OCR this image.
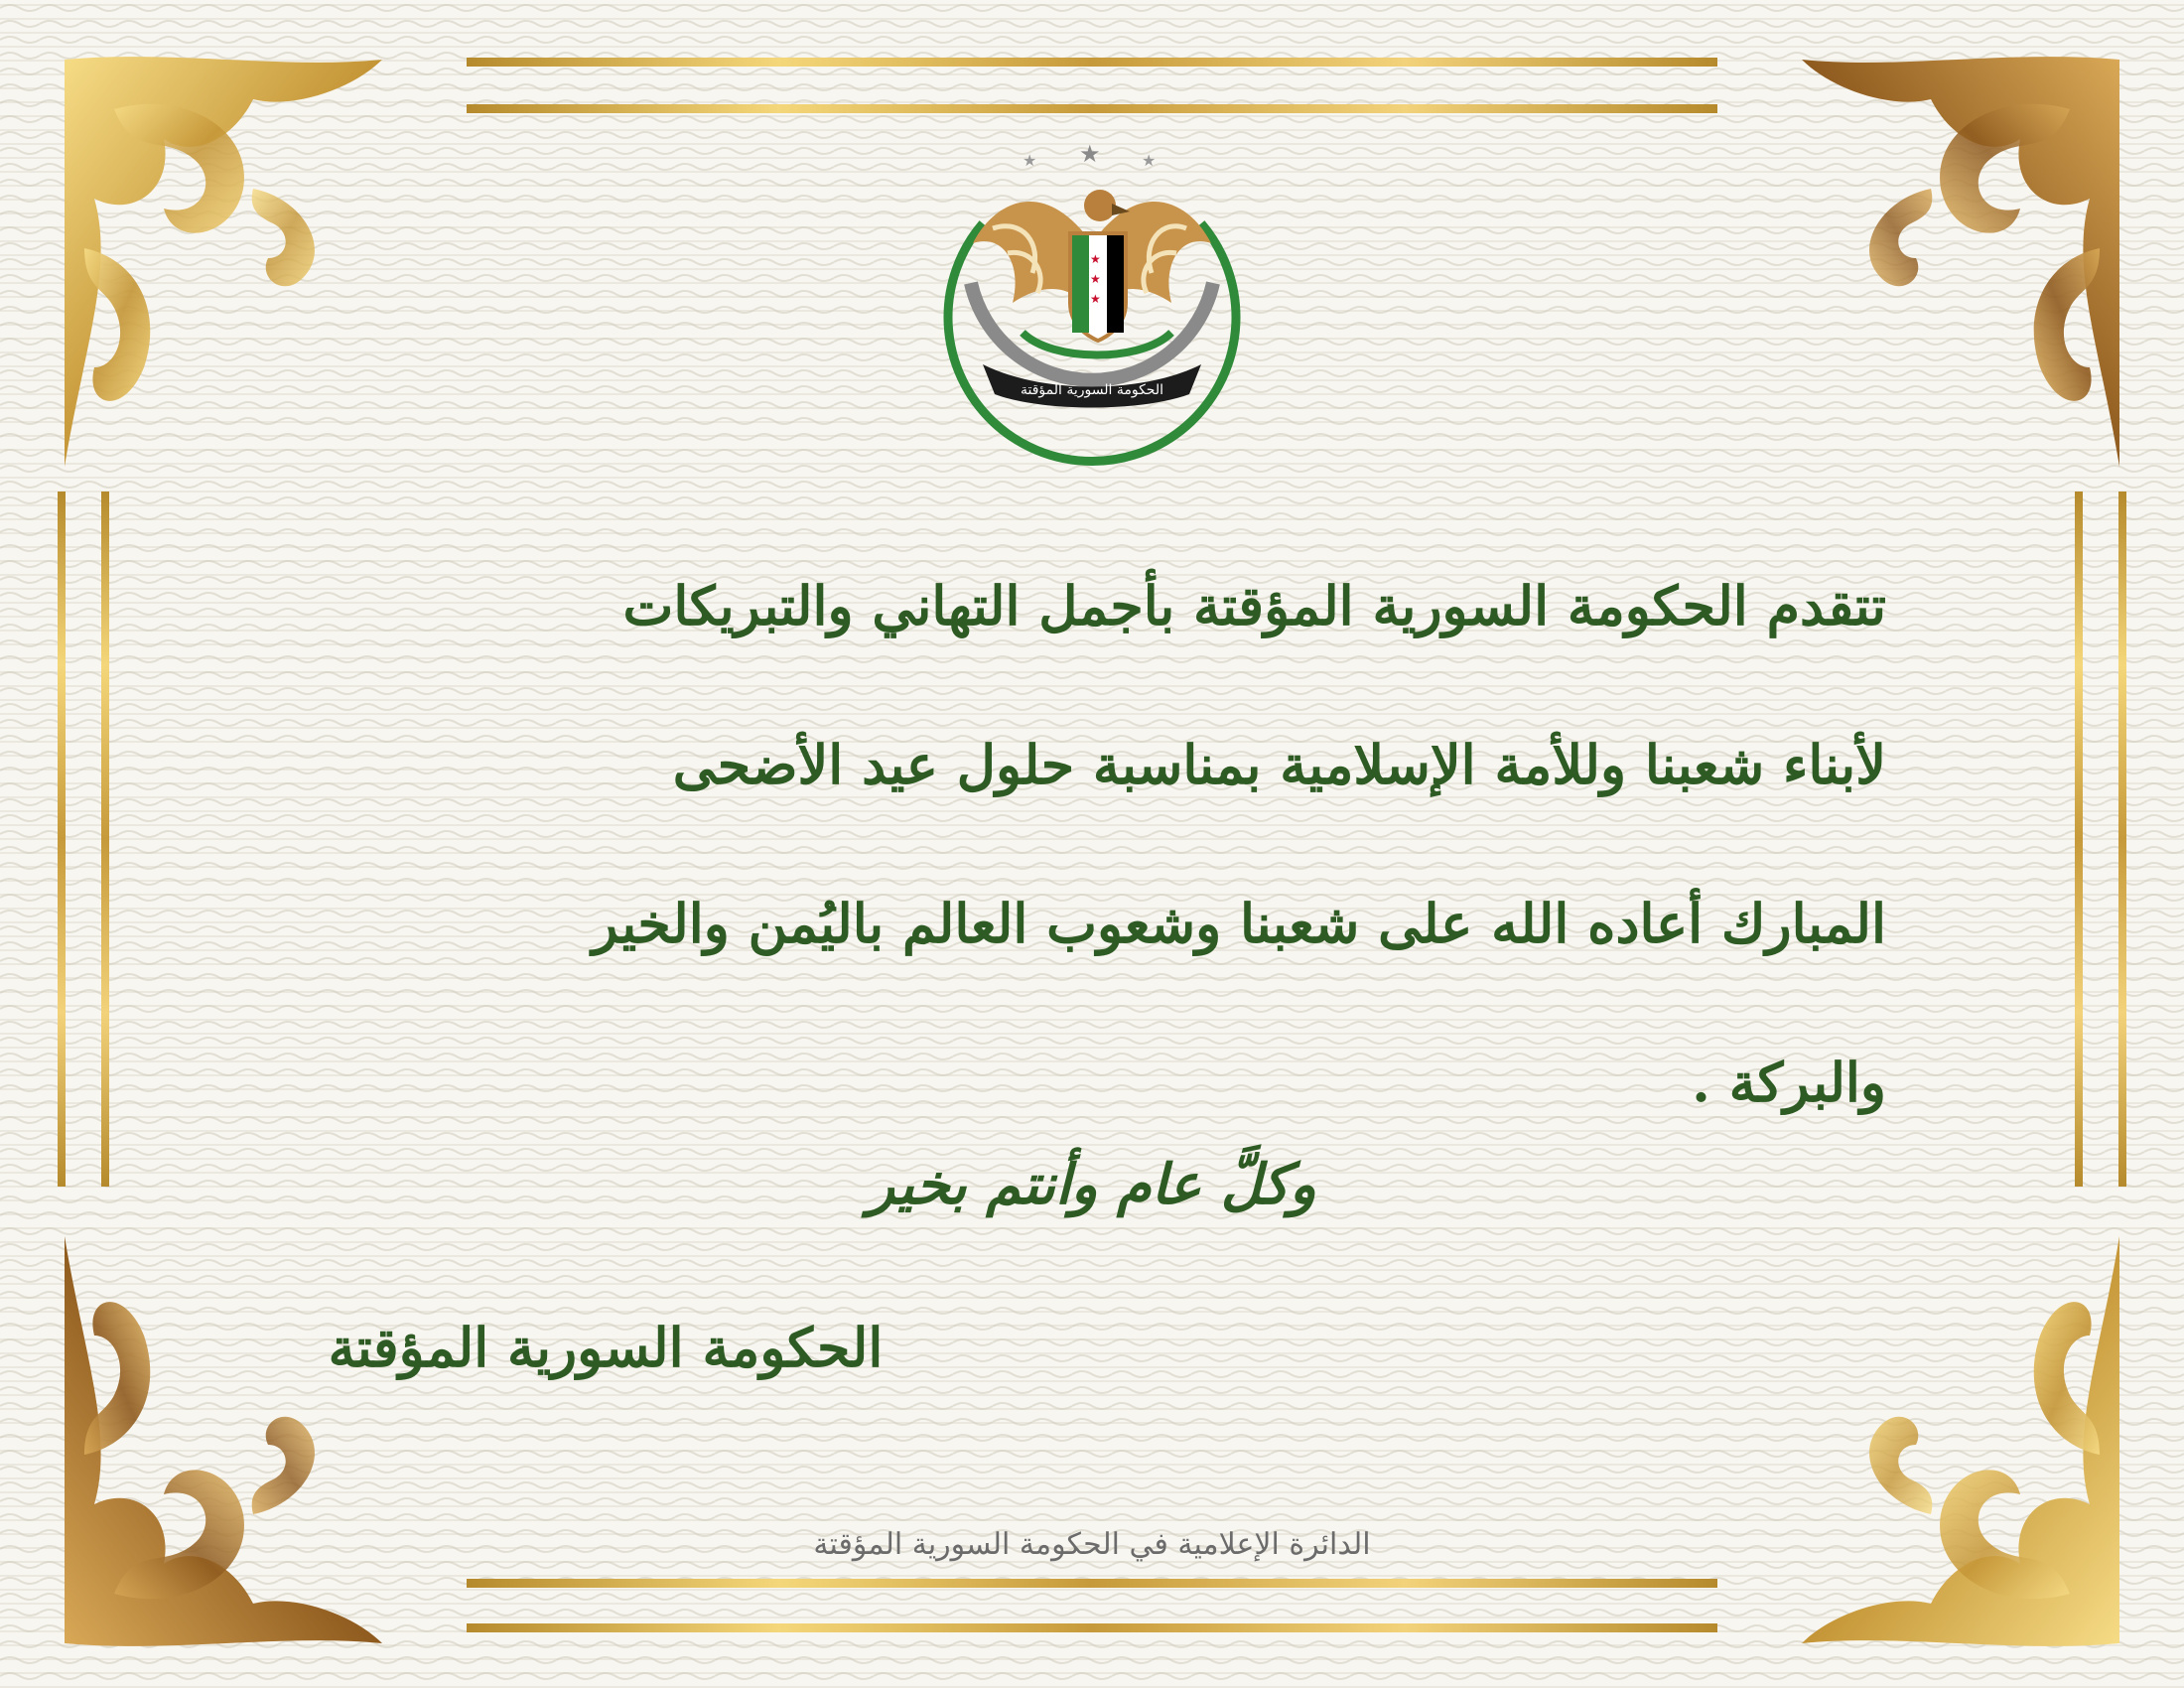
★ ★	★
★
★
★
الحكومة السورية المؤقتة
تتقدم الحكومة السورية المؤقتة بأجمل التهاني والتبريكات
لأبناء شعبنا وللأمة الإسلامية بمناسبة حلول عيد الأضحى
المبارك أعاده الله على شعبنا وشعوب العالم باليُمن والخير
والبركة .
وكلَّ عام وأنتم بخير
الحكومة السورية المؤقتة
الدائرة الإعلامية في الحكومة السورية المؤقتة
